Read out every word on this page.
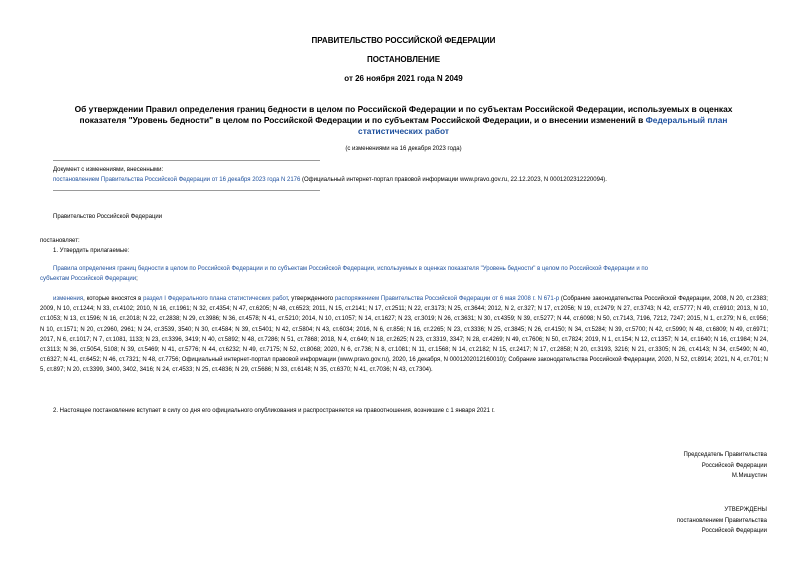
ПРАВИТЕЛЬСТВО РОССИЙСКОЙ ФЕДЕРАЦИИ
ПОСТАНОВЛЕНИЕ
от 26 ноября 2021 года N 2049
Об утверждении Правил определения границ бедности в целом по Российской Федерации и по субъектам Российской Федерации, используемых в оценках
показателя "Уровень бедности" в целом по Российской Федерации и по субъектам Российской Федерации, и о внесении изменений в Федеральный план
статистических работ
(с изменениями на 16 декабря 2023 года)
Документ с изменениями, внесенными:
постановлением Правительства Российской Федерации от 16 декабря 2023 года N 2176 (Официальный интернет-портал правовой информации www.pravo.gov.ru, 22.12.2023, N 0001202312220094).
Правительство Российской Федерации
постановляет:
1. Утвердить прилагаемые:
Правила определения границ бедности в целом по Российской Федерации и по субъектам Российской Федерации, используемых в оценках показателя "Уровень бедности" в целом по Российской Федерации и по
субъектам Российской Федерации;
изменения, которые вносятся в раздел I Федерального плана статистических работ, утвержденного распоряжением Правительства Российской Федерации от 6 мая 2008 г. N 671-р (Собрание законодательства Российской Федерации, 2008, N 20, ст.2383; 2009, N 10, ст.1244; N 33, ст.4102; 2010, N 16, ст.1961; N 32, ст.4354; N 47, ст.6205; N 48, ст.6523; 2011, N 15, ст.2141; N 17, ст.2511; N 22, ст.3173; N 25, ст.3644; 2012, N 2, ст.327; N 17, ст.2056; N 19, ст.2479; N 27, ст.3743; N 42, ст.5777; N 49, ст.6910; 2013, N 10, ст.1053; N 13, ст.1596; N 16, ст.2018; N 22, ст.2838; N 29, ст.3986; N 36, ст.4578; N 41, ст.5210; 2014, N 10, ст.1057; N 14, ст.1627; N 23, ст.3019; N 26, ст.3631; N 30, ст.4359; N 39, ст.5277; N 44, ст.6098; N 50, ст.7143, 7196, 7212, 7247; 2015, N 1, ст.279; N 6, ст.956; N 10, ст.1571; N 20, ст.2960, 2961; N 24, ст.3539, 3540; N 30, ст.4584; N 39, ст.5401; N 42, ст.5804; N 43, ст.6034; 2016, N 6, ст.856; N 16, ст.2265; N 23, ст.3336; N 25, ст.3845; N 26, ст.4150; N 34, ст.5284; N 39, ст.5700; N 42, ст.5990; N 48, ст.6809; N 49, ст.6971; 2017, N 6, ст.1017; N 7, ст.1081, 1133; N 23, ст.3396, 3419; N 40, ст.5892; N 48, ст.7286; N 51, ст.7868; 2018, N 4, ст.649; N 18, ст.2625; N 23, ст.3319, 3347; N 28, ст.4269; N 49, ст.7606; N 50, ст.7824; 2019, N 1, ст.154; N 12, ст.1357; N 14, ст.1640; N 16, ст.1984; N 24, ст.3113; N 36, ст.5054, 5108; N 39, ст.5469; N 41, ст.5776; N 44, ст.6232; N 49, ст.7175; N 52, ст.8068; 2020, N 6, ст.736; N 8, ст.1081; N 11, ст.1568; N 14, ст.2182; N 15, ст.2417; N 17, ст.2858; N 20, ст.3193, 3216; N 21, ст.3305; N 26, ст.4143; N 34, ст.5490; N 40, ст.6327; N 41, ст.6452; N 46, ст.7321; N 48, ст.7756; Официальный интернет-портал правовой информации (www.pravo.gov.ru), 2020, 16 декабря, N 0001202012160010); Собрание законодательства Российской Федерации, 2020, N 52, ст.8914; 2021, N 4, ст.701; N 5, ст.897; N 20, ст.3399, 3400, 3402, 3416; N 24, ст.4533; N 25, ст.4836; N 29, ст.5686; N 33, ст.6148; N 35, ст.6370; N 41, ст.7036; N 43, ст.7304).
2. Настоящее постановление вступает в силу со дня его официального опубликования и распространяется на правоотношения, возникшие с 1 января 2021 г.
Председатель Правительства
Российской Федерации
М.Мишустин
УТВЕРЖДЕНЫ
постановлением Правительства
Российской Федерации
